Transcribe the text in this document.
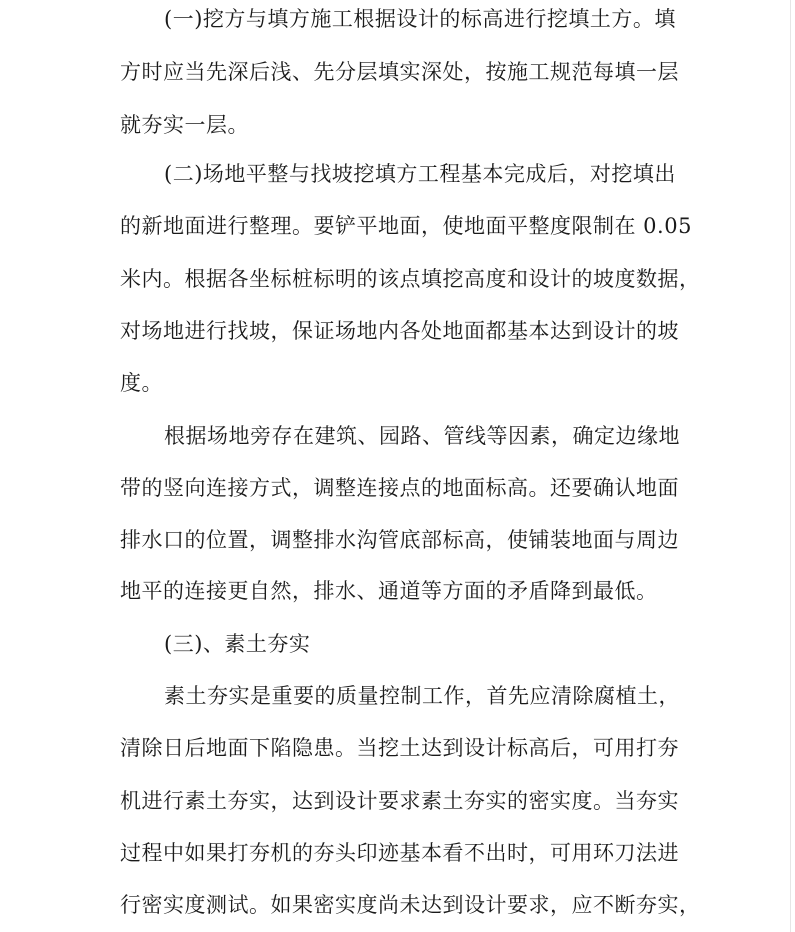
(一)挖方与填方施工根据设计的标高进行挖填土方。填
方时应当先深后浅、先分层填实深处，按施工规范每填一层
就夯实一层。
(二)场地平整与找坡挖填方工程基本完成后，对挖填出
的新地面进行整理。要铲平地面，使地面平整度限制在 0.05
米内。根据各坐标桩标明的该点填挖高度和设计的坡度数据，
对场地进行找坡，保证场地内各处地面都基本达到设计的坡
度。
根据场地旁存在建筑、园路、管线等因素，确定边缘地
带的竖向连接方式，调整连接点的地面标高。还要确认地面
排水口的位置，调整排水沟管底部标高，使铺装地面与周边
地平的连接更自然，排水、通道等方面的矛盾降到最低。
(三)、素土夯实
素土夯实是重要的质量控制工作，首先应清除腐植土，
清除日后地面下陷隐患。当挖土达到设计标高后，可用打夯
机进行素土夯实，达到设计要求素土夯实的密实度。当夯实
过程中如果打夯机的夯头印迹基本看不出时，可用环刀法进
行密实度测试。如果密实度尚未达到设计要求，应不断夯实，
